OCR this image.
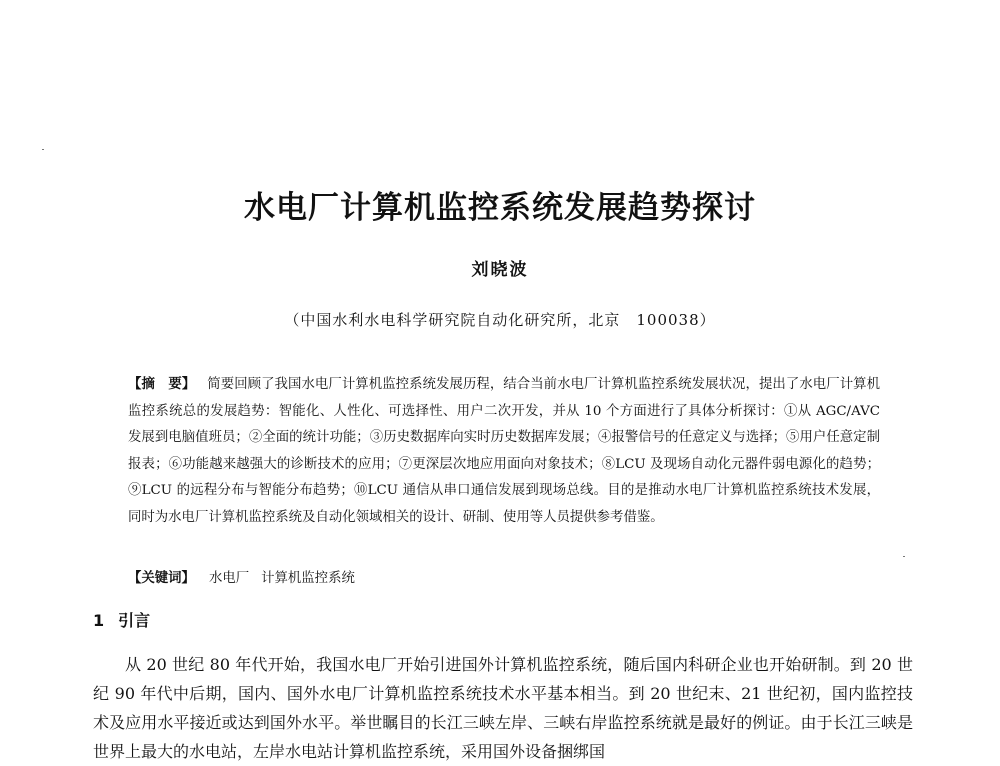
水电厂计算机监控系统发展趋势探讨
刘晓波
（中国水利水电科学研究院自动化研究所，北京　100038）
【摘　要】 简要回顾了我国水电厂计算机监控系统发展历程，结合当前水电厂计算机监控系统发展状况，提出了水电厂计算机监控系统总的发展趋势：智能化、人性化、可选择性、用户二次开发，并从 10 个方面进行了具体分析探讨：①从 AGC/AVC 发展到电脑值班员；②全面的统计功能；③历史数据库向实时历史数据库发展；④报警信号的任意定义与选择；⑤用户任意定制报表；⑥功能越来越强大的诊断技术的应用；⑦更深层次地应用面向对象技术；⑧LCU 及现场自动化元器件弱电源化的趋势；⑨LCU 的远程分布与智能分布趋势；⑩LCU 通信从串口通信发展到现场总线。目的是推动水电厂计算机监控系统技术发展，同时为水电厂计算机监控系统及自动化领域相关的设计、研制、使用等人员提供参考借鉴。
【关键词】 水电厂 计算机监控系统
1 引言
从 20 世纪 80 年代开始，我国水电厂开始引进国外计算机监控系统，随后国内科研企业也开始研制。到 20 世纪 90 年代中后期，国内、国外水电厂计算机监控系统技术水平基本相当。到 20 世纪末、21 世纪初，国内监控技术及应用水平接近或达到国外水平。举世瞩目的长江三峡左岸、三峡右岸监控系统就是最好的例证。由于长江三峡是世界上最大的水电站，左岸水电站计算机监控系统，采用国外设备捆绑国
